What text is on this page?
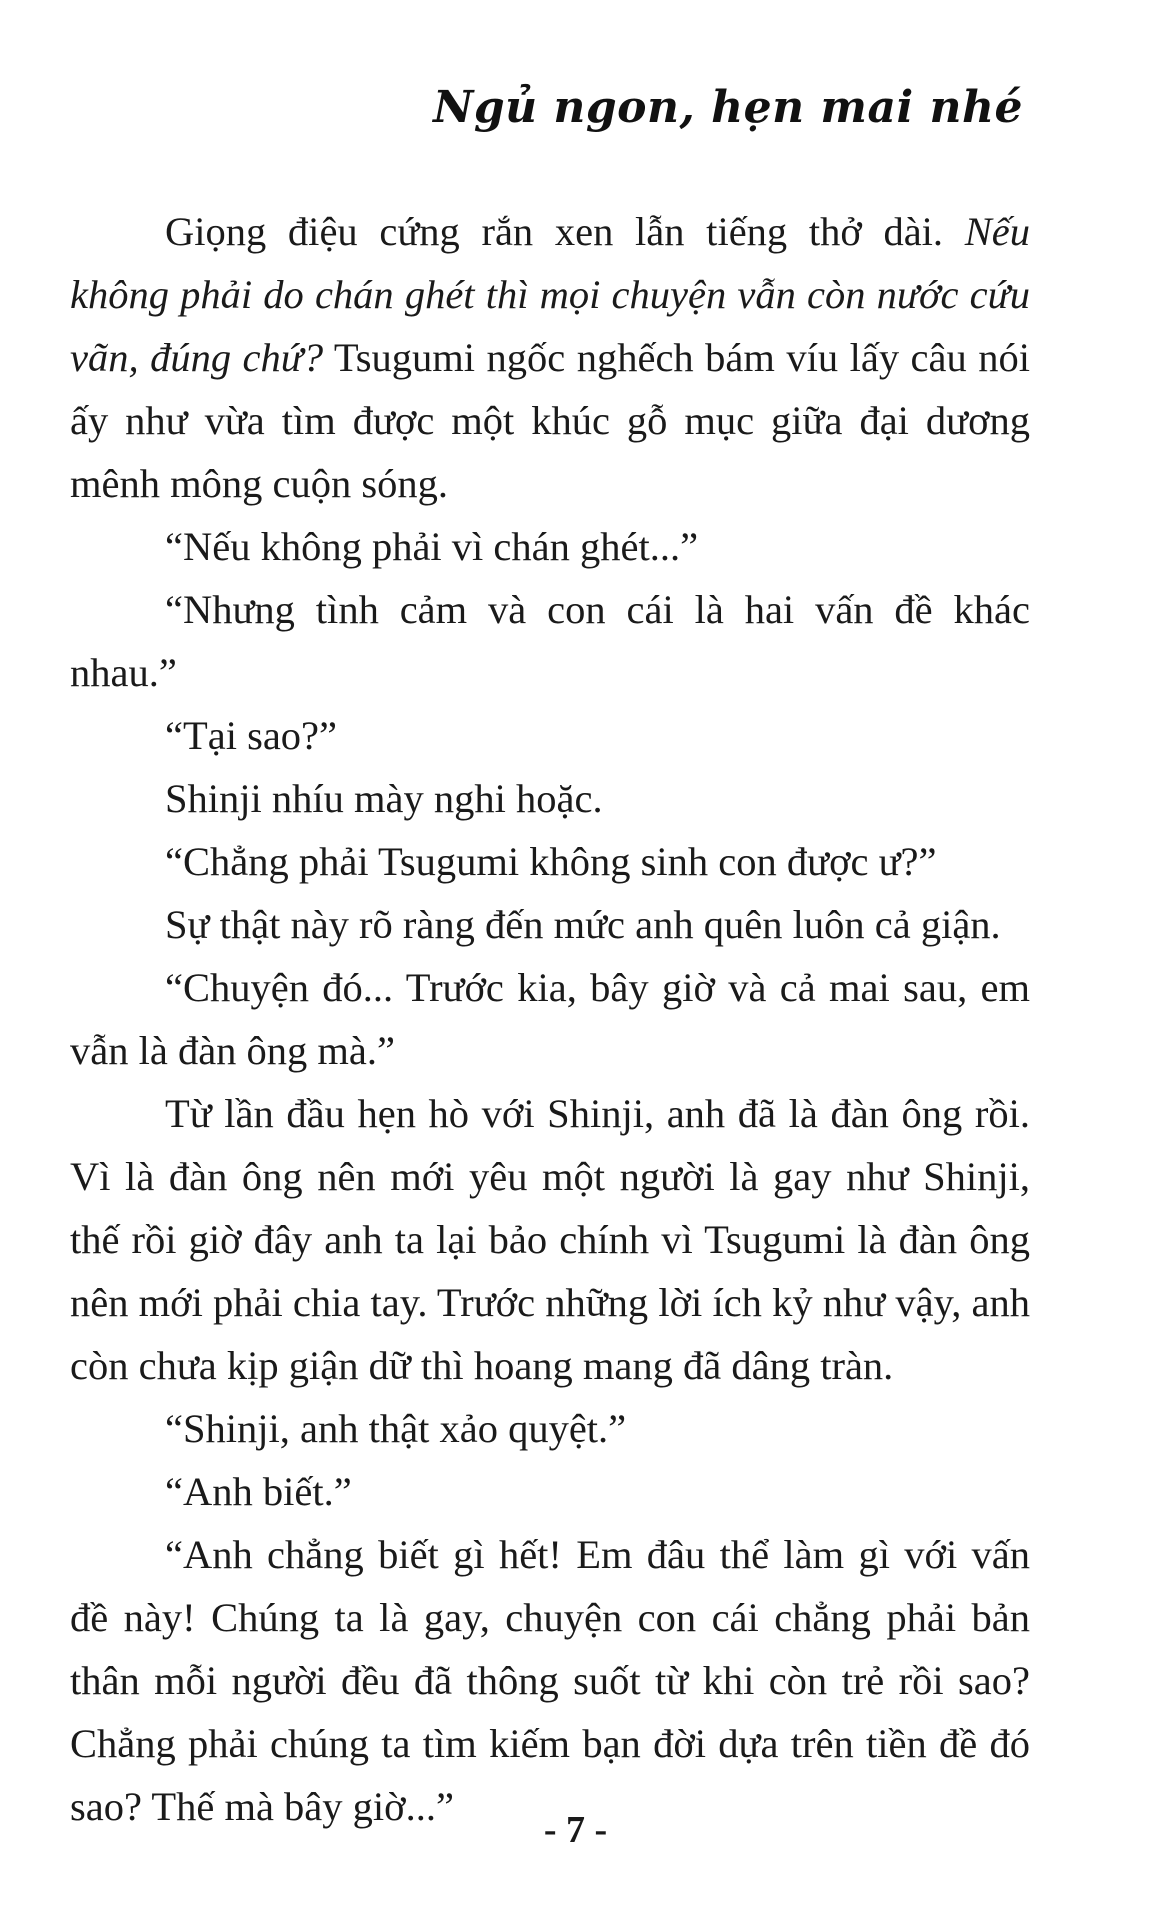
Ngủ ngon, hẹn mai nhé

Giọng điệu cứng rắn xen lẫn tiếng thở dài. Nếu không phải do chán ghét thì mọi chuyện vẫn còn nước cứu vãn, đúng chứ? Tsugumi ngốc nghếch bám víu lấy câu nói ấy như vừa tìm được một khúc gỗ mục giữa đại dương mênh mông cuộn sóng.

“Nếu không phải vì chán ghét...”

“Nhưng tình cảm và con cái là hai vấn đề khác nhau.”

“Tại sao?”

Shinji nhíu mày nghi hoặc.

“Chẳng phải Tsugumi không sinh con được ư?”

Sự thật này rõ ràng đến mức anh quên luôn cả giận.

“Chuyện đó... Trước kia, bây giờ và cả mai sau, em vẫn là đàn ông mà.”

Từ lần đầu hẹn hò với Shinji, anh đã là đàn ông rồi. Vì là đàn ông nên mới yêu một người là gay như Shinji, thế rồi giờ đây anh ta lại bảo chính vì Tsugumi là đàn ông nên mới phải chia tay. Trước những lời ích kỷ như vậy, anh còn chưa kịp giận dữ thì hoang mang đã dâng tràn.

“Shinji, anh thật xảo quyệt.”

“Anh biết.”

“Anh chẳng biết gì hết! Em đâu thể làm gì với vấn đề này! Chúng ta là gay, chuyện con cái chẳng phải bản thân mỗi người đều đã thông suốt từ khi còn trẻ rồi sao? Chẳng phải chúng ta tìm kiếm bạn đời dựa trên tiền đề đó sao? Thế mà bây giờ...”

- 7 -
